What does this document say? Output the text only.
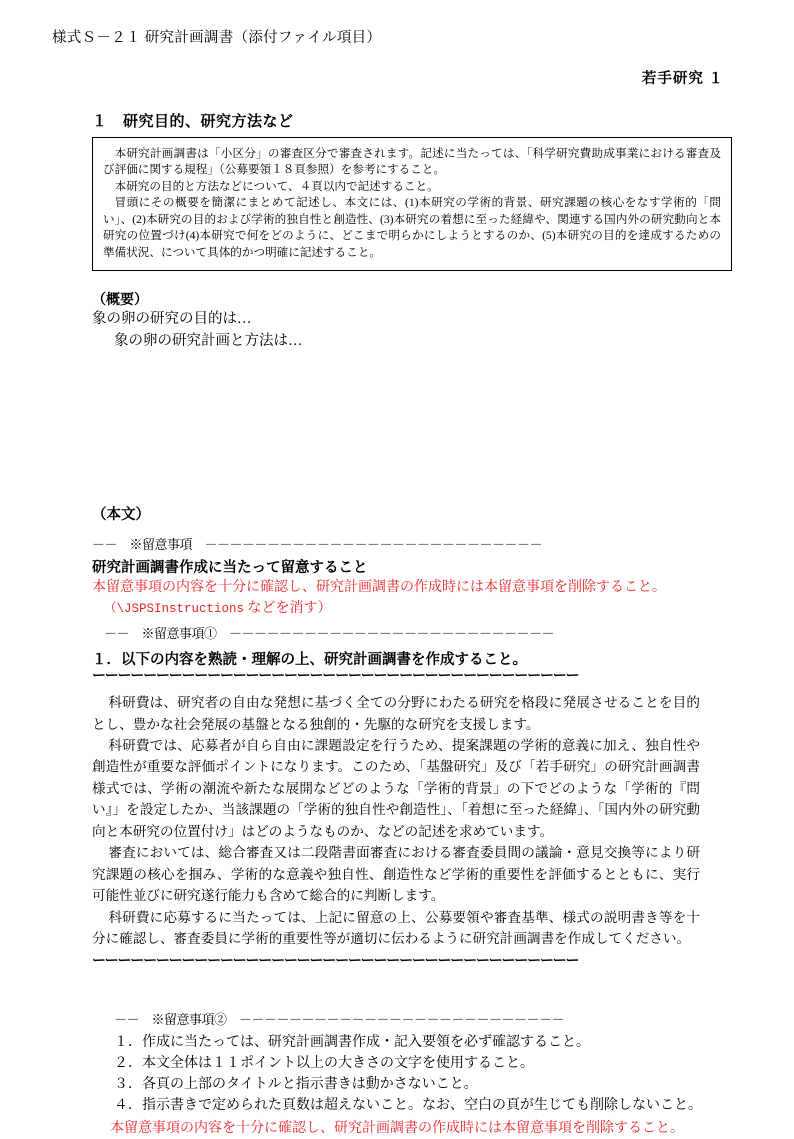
様式Ｓ－２１ 研究計画調書（添付ファイル項目）
若手研究 １
１　研究目的、研究方法など

本研究計画調書は「小区分」の審査区分で審査されます。記述に当たっては、「科学研究費助成事業における審査及び評価に関する規程」（公募要領１８頁参照）を参考にすること。

本研究の目的と方法などについて、４頁以内で記述すること。

冒頭にその概要を簡潔にまとめて記述し、本文には、(1)本研究の学術的背景、研究課題の核心をなす学術的「問い」、(2)本研究の目的および学術的独自性と創造性、(3)本研究の着想に至った経緯や、関連する国内外の研究動向と本研究の位置づけ(4)本研究で何をどのように、どこまで明らかにしようとするのか、(5)本研究の目的を達成するための準備状況、について具体的かつ明確に記述すること。

（概要）
象の卵の研究の目的は…
象の卵の研究計画と方法は…
（本文）
－－　※留意事項　－－－－－－－－－－－－－－－－－－－－－－－－－－－
研究計画調書作成に当たって留意すること
本留意事項の内容を十分に確認し、研究計画調書の作成時には本留意事項を削除すること。
（\JSPSInstructions などを消す）
－－　※留意事項①　－－－－－－－－－－－－－－－－－－－－－－－－－－
１．以下の内容を熟読・理解の上、研究計画調書を作成すること。
ーーーーーーーーーーーーーーーーーーーーーーーーーーーーーーーーーーーーーー
科研費は、研究者の自由な発想に基づく全ての分野にわたる研究を格段に発展させることを目的とし、豊かな社会発展の基盤となる独創的・先駆的な研究を支援します。
科研費では、応募者が自ら自由に課題設定を行うため、提案課題の学術的意義に加え、独自性や創造性が重要な評価ポイントになります。このため、「基盤研究」及び「若手研究」の研究計画調書様式では、学術の潮流や新たな展開などどのような「学術的背景」の下でどのような「学術的『問い』」を設定したか、当該課題の「学術的独自性や創造性」、「着想に至った経緯」、「国内外の研究動向と本研究の位置付け」はどのようなものか、などの記述を求めています。
審査においては、総合審査又は二段階書面審査における審査委員間の議論・意見交換等により研究課題の核心を掴み、学術的な意義や独自性、創造性など学術的重要性を評価するとともに、実行可能性並びに研究遂行能力も含めて総合的に判断します。
科研費に応募するに当たっては、上記に留意の上、公募要領や審査基準、様式の説明書き等を十分に確認し、審査委員に学術的重要性等が適切に伝わるように研究計画調書を作成してください。
ーーーーーーーーーーーーーーーーーーーーーーーーーーーーーーーーーーーーーー
－－　※留意事項②　－－－－－－－－－－－－－－－－－－－－－－－－－－
１．作成に当たっては、研究計画調書作成・記入要領を必ず確認すること。
２．本文全体は１１ポイント以上の大きさの文字を使用すること。
３．各頁の上部のタイトルと指示書きは動かさないこと。
４．指示書きで定められた頁数は超えないこと。なお、空白の頁が生じても削除しないこと。
本留意事項の内容を十分に確認し、研究計画調書の作成時には本留意事項を削除すること。
